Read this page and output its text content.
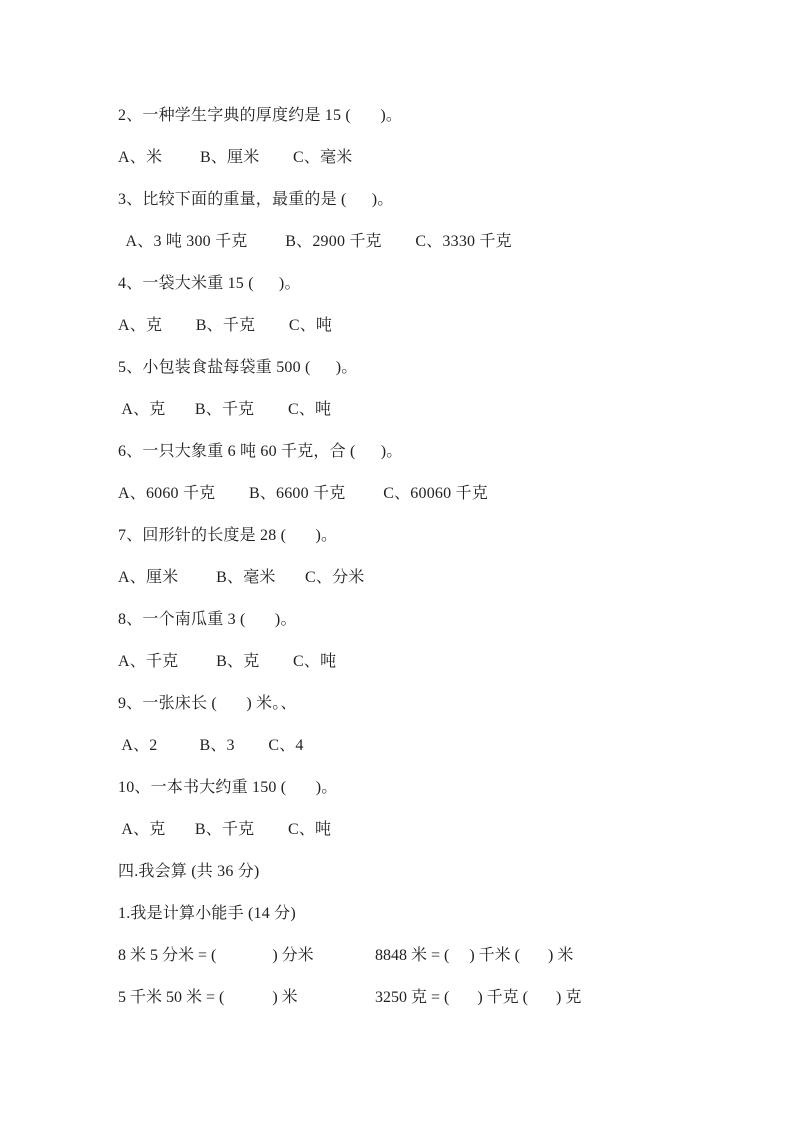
2、一种学生字典的厚度约是 15 (       )。

A、米         B、厘米        C、毫米

3、比较下面的重量，最重的是 (      )。

A、3 吨 300 千克         B、2900 千克        C、3330 千克

4、一袋大米重 15 (      )。

A、克        B、千克        C、吨

5、小包装食盐每袋重 500 (      )。

A、克       B、千克        C、吨

6、一只大象重 6 吨 60 千克，合 (      )。

A、6060 千克        B、6600 千克         C、60060 千克

7、回形针的长度是 28 (       )。

A、厘米         B、毫米       C、分米

8、一个南瓜重 3 (       )。

A、千克         B、克        C、吨

9、一张床长 (       ) 米。、

A、2          B、3        C、4

10、一本书大约重 150 (       )。

A、克       B、千克        C、吨

四.我会算 (共 36 分)

1.我是计算小能手 (14 分)

8 米 5 分米 = (              ) 分米	8848 米 = (     ) 千米 (       ) 米
5 千米 50 米 = (            ) 米	3250 克 = (       ) 千克 (       ) 克
